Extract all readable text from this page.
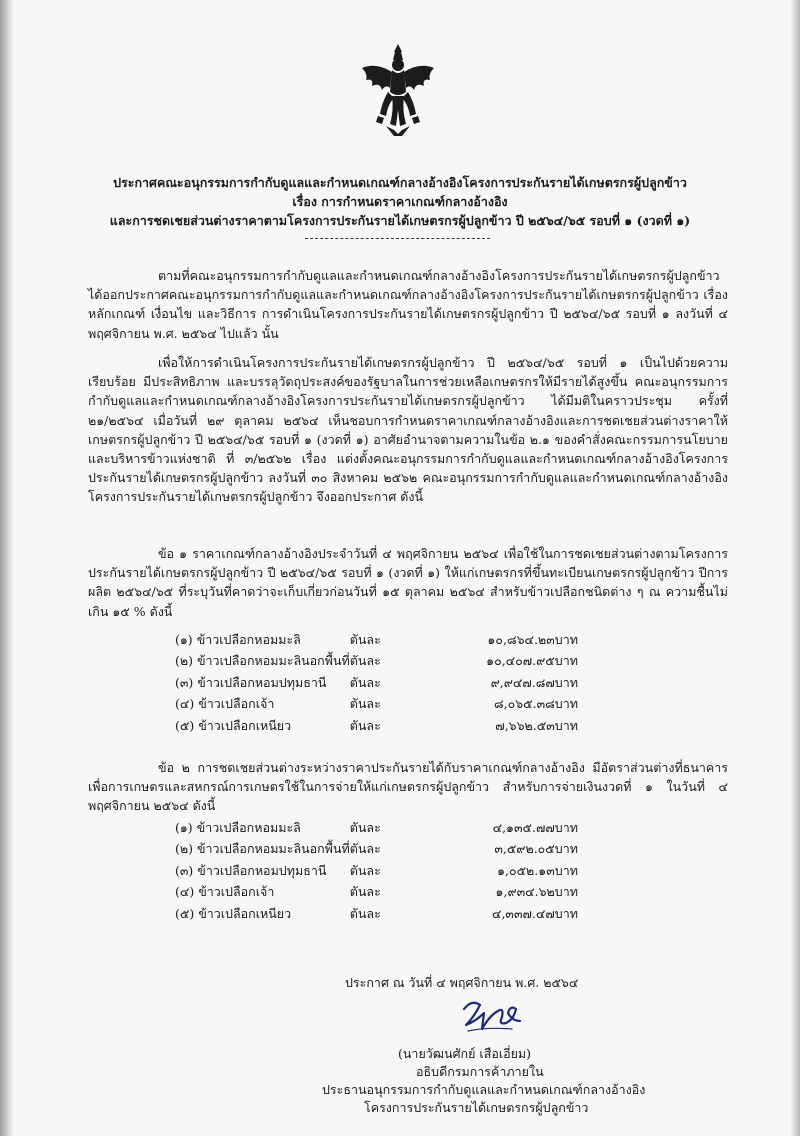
ประกาศคณะอนุกรรมการกำกับดูแลและกำหนดเกณฑ์กลางอ้างอิงโครงการประกันรายได้เกษตรกรผู้ปลูกข้าว
เรื่อง การกำหนดราคาเกณฑ์กลางอ้างอิง
และการชดเชยส่วนต่างราคาตามโครงการประกันรายได้เกษตรกรผู้ปลูกข้าว ปี ๒๕๖๔/๖๕ รอบที่ ๑ (งวดที่ ๑)
ตามที่คณะอนุกรรมการกำกับดูแลและกำหนดเกณฑ์กลางอ้างอิงโครงการประกันรายได้เกษตรกรผู้ปลูกข้าว ได้ออกประกาศคณะอนุกรรมการกำกับดูแลและกำหนดเกณฑ์กลางอ้างอิงโครงการประกันรายได้เกษตรกรผู้ปลูกข้าว เรื่อง หลักเกณฑ์ เงื่อนไข และวิธีการ การดำเนินโครงการประกันรายได้เกษตรกรผู้ปลูกข้าว ปี ๒๕๖๔/๖๕ รอบที่ ๑ ลงวันที่ ๔ พฤศจิกายน พ.ศ. ๒๕๖๔ ไปแล้ว นั้น
เพื่อให้การดำเนินโครงการประกันรายได้เกษตรกรผู้ปลูกข้าว ปี ๒๕๖๔/๖๕ รอบที่ ๑ เป็นไปด้วยความเรียบร้อย มีประสิทธิภาพ และบรรลุวัตถุประสงค์ของรัฐบาลในการช่วยเหลือเกษตรกรให้มีรายได้สูงขึ้น คณะอนุกรรมการกำกับดูแลและกำหนดเกณฑ์กลางอ้างอิงโครงการประกันรายได้เกษตรกรผู้ปลูกข้าว ได้มีมติในคราวประชุม ครั้งที่ ๒๑/๒๕๖๔ เมื่อวันที่ ๒๙ ตุลาคม ๒๕๖๔ เห็นชอบการกำหนดราคาเกณฑ์กลางอ้างอิงและการชดเชยส่วนต่างราคาให้เกษตรกรผู้ปลูกข้าว ปี ๒๕๖๔/๖๕ รอบที่ ๑ (งวดที่ ๑) อาศัยอำนาจตามความในข้อ ๒.๑ ของคำสั่งคณะกรรมการนโยบายและบริหารข้าวแห่งชาติ ที่ ๓/๒๕๖๒ เรื่อง แต่งตั้งคณะอนุกรรมการกำกับดูแลและกำหนดเกณฑ์กลางอ้างอิงโครงการประกันรายได้เกษตรกรผู้ปลูกข้าว ลงวันที่ ๓๐ สิงหาคม ๒๕๖๒ คณะอนุกรรมการกำกับดูแลและกำหนดเกณฑ์กลางอ้างอิงโครงการประกันรายได้เกษตรกรผู้ปลูกข้าว จึงออกประกาศ ดังนี้
ข้อ ๑ ราคาเกณฑ์กลางอ้างอิงประจำวันที่ ๔ พฤศจิกายน ๒๕๖๔ เพื่อใช้ในการชดเชยส่วนต่างตามโครงการประกันรายได้เกษตรกรผู้ปลูกข้าว ปี ๒๕๖๔/๖๕ รอบที่ ๑ (งวดที่ ๑) ให้แก่เกษตรกรที่ขึ้นทะเบียนเกษตรกรผู้ปลูกข้าว ปีการผลิต ๒๕๖๔/๖๕ ที่ระบุวันที่คาดว่าจะเก็บเกี่ยวก่อนวันที่ ๑๕ ตุลาคม ๒๕๖๔ สำหรับข้าวเปลือกชนิดต่าง ๆ ณ ความชื้นไม่เกิน ๑๕ % ดังนี้
(๑) ข้าวเปลือกหอมมะลิ	ตันละ	๑๐,๘๖๔.๒๓	บาท
(๒) ข้าวเปลือกหอมมะลินอกพื้นที่	ตันละ	๑๐,๔๐๗.๙๕	บาท
(๓) ข้าวเปลือกหอมปทุมธานี	ตันละ	๙,๙๔๗.๘๗	บาท
(๔) ข้าวเปลือกเจ้า	ตันละ	๘,๐๖๕.๓๘	บาท
(๕) ข้าวเปลือกเหนียว	ตันละ	๗,๖๖๒.๕๓	บาท
ข้อ ๒ การชดเชยส่วนต่างระหว่างราคาประกันรายได้กับราคาเกณฑ์กลางอ้างอิง มีอัตราส่วนต่างที่ธนาคารเพื่อการเกษตรและสหกรณ์การเกษตรใช้ในการจ่ายให้แก่เกษตรกรผู้ปลูกข้าว สำหรับการจ่ายเงินงวดที่ ๑ ในวันที่ ๔ พฤศจิกายน ๒๕๖๔ ดังนี้
(๑) ข้าวเปลือกหอมมะลิ	ตันละ	๔,๑๓๕.๗๗	บาท
(๒) ข้าวเปลือกหอมมะลินอกพื้นที่	ตันละ	๓,๕๙๒.๐๕	บาท
(๓) ข้าวเปลือกหอมปทุมธานี	ตันละ	๑,๐๕๒.๑๓	บาท
(๔) ข้าวเปลือกเจ้า	ตันละ	๑,๙๓๔.๖๒	บาท
(๕) ข้าวเปลือกเหนียว	ตันละ	๔,๓๓๗.๔๗	บาท
ประกาศ ณ วันที่ ๔ พฤศจิกายน พ.ศ. ๒๕๖๔
(นายวัฒนศักย์ เสือเอี่ยม)
อธิบดีกรมการค้าภายใน
ประธานอนุกรรมการกำกับดูแลและกำหนดเกณฑ์กลางอ้างอิง
โครงการประกันรายได้เกษตรกรผู้ปลูกข้าว
